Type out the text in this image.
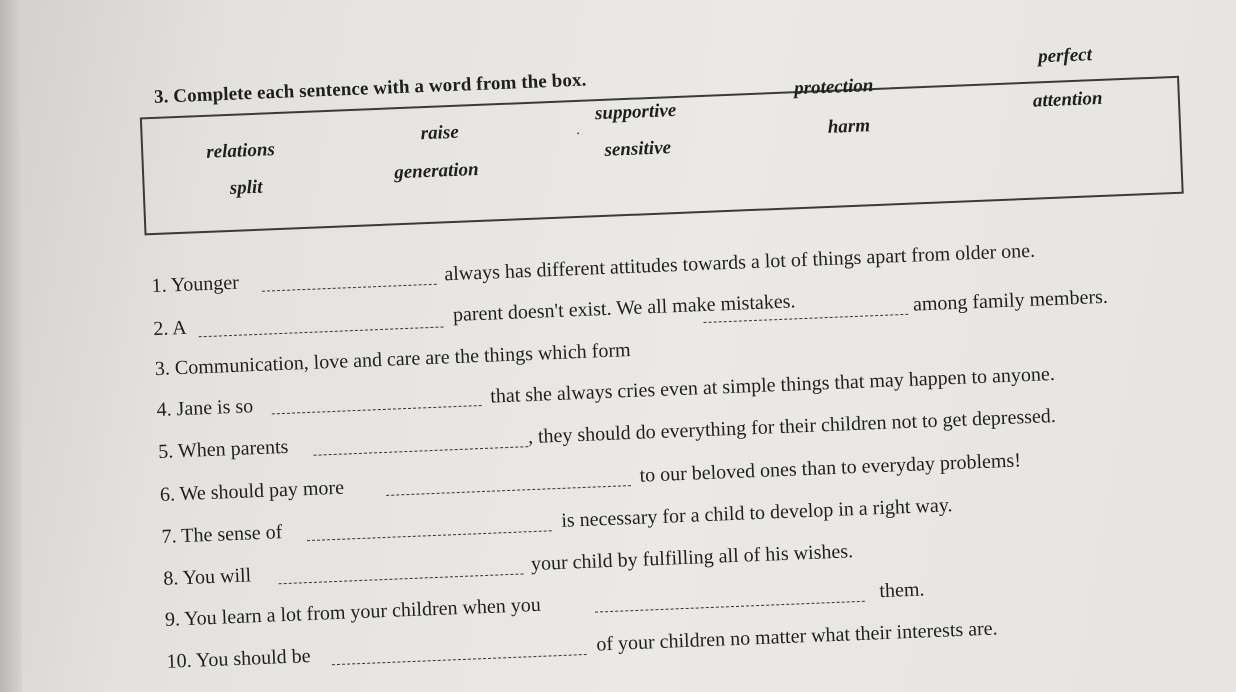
3. Complete each sentence with a word from the box.
perfect
protection
attention
supportive
raise	harm
relations	sensitive
generation
split
·
1. Younger	always has different attitudes towards a lot of things apart from older one.
2. A
parent doesn't exist. We all make mistakes.
3. Communication, love and care are the things which form
among family members.
4. Jane is so
that she always cries even at simple things that may happen to anyone.
5. When parents
, they should do everything for their children not to get depressed.
6. We should pay more
to our beloved ones than to everyday problems!
7. The sense of
is necessary for a child to develop in a right way.
8. You will
your child by fulfilling all of his wishes.
9. You learn a lot from your children when you
them.
10. You should be
of your children no matter what their interests are.
